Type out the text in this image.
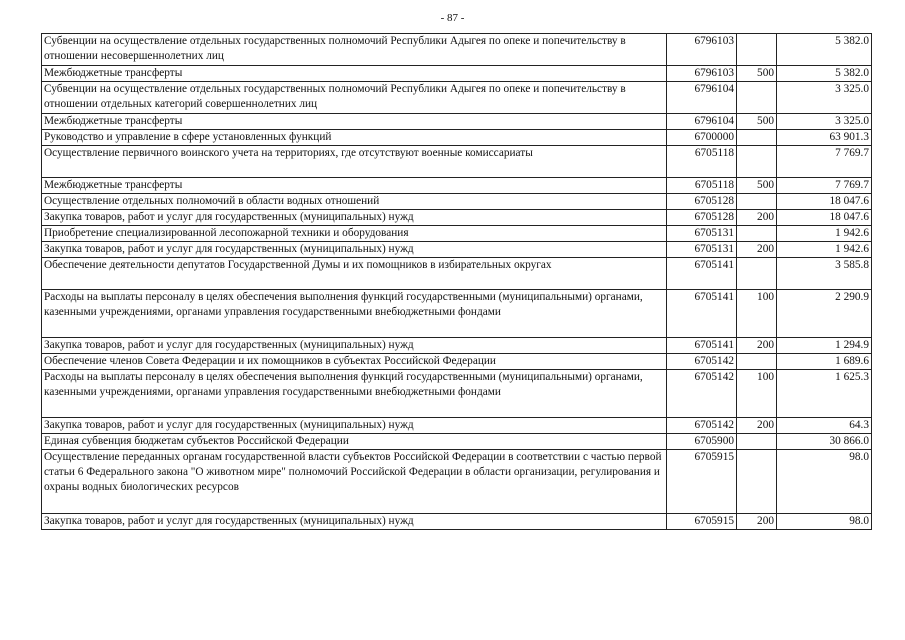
- 87 -
Субвенции на осуществление отдельных государственных полномочий Республики Адыгея по опеке и попечительству в отношении несовершеннолетних лиц	6796103		5 382.0
Межбюджетные трансферты	6796103	500	5 382.0
Субвенции на осуществление отдельных государственных полномочий Республики Адыгея по опеке и попечительству в отношении отдельных категорий совершеннолетних лиц	6796104		3 325.0
Межбюджетные трансферты	6796104	500	3 325.0
Руководство и управление в сфере установленных функций	6700000		63 901.3
Осуществление первичного воинского учета на территориях, где отсутствуют военные комиссариаты	6705118		7 769.7
Межбюджетные трансферты	6705118	500	7 769.7
Осуществление отдельных полномочий в области водных отношений	6705128		18 047.6
Закупка товаров, работ и услуг для государственных (муниципальных) нужд	6705128	200	18 047.6
Приобретение специализированной лесопожарной техники и оборудования	6705131		1 942.6
Закупка товаров, работ и услуг для государственных (муниципальных) нужд	6705131	200	1 942.6
Обеспечение деятельности депутатов Государственной Думы и их помощников в избирательных округах	6705141		3 585.8
Расходы на выплаты персоналу в целях обеспечения выполнения функций государственными (муниципальными) органами, казенными учреждениями, органами управления государственными внебюджетными фондами	6705141	100	2 290.9
Закупка товаров, работ и услуг для государственных (муниципальных) нужд	6705141	200	1 294.9
Обеспечение членов Совета Федерации и их помощников в субъектах Российской Федерации	6705142		1 689.6
Расходы на выплаты персоналу в целях обеспечения выполнения функций государственными (муниципальными) органами, казенными учреждениями, органами управления государственными внебюджетными фондами	6705142	100	1 625.3
Закупка товаров, работ и услуг для государственных (муниципальных) нужд	6705142	200	64.3
Единая субвенция бюджетам субъектов Российской Федерации	6705900		30 866.0
Осуществление переданных органам государственной власти субъектов Российской Федерации в соответствии с частью первой статьи 6 Федерального закона "О животном мире" полномочий Российской Федерации в области организации, регулирования и охраны водных биологических ресурсов	6705915		98.0
Закупка товаров, работ и услуг для государственных (муниципальных) нужд	6705915	200	98.0
